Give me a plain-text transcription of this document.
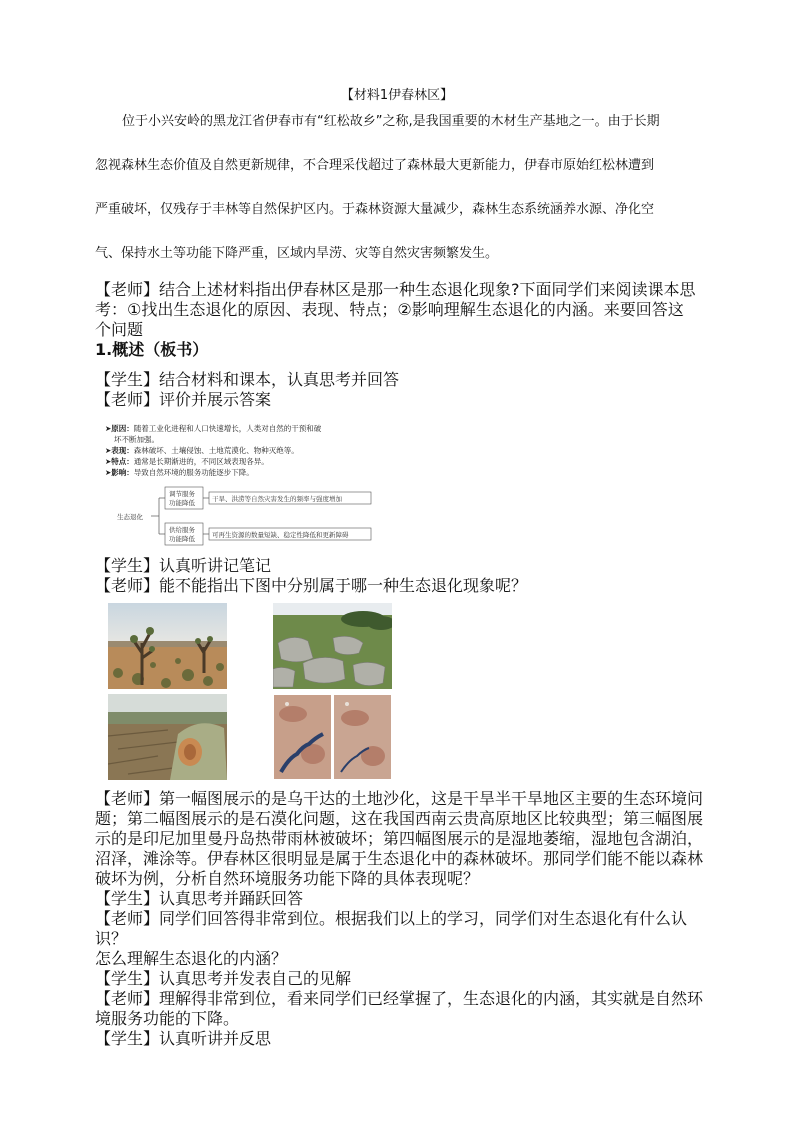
【材料1伊春林区】
位于小兴安岭的黑龙江省伊春市有“红松故乡”之称,是我国重要的木材生产基地之一。由于长期
忽视森林生态价值及自然更新规律，不合理采伐超过了森林最大更新能力，伊春市原始红松林遭到
严重破坏，仅残存于丰林等自然保护区内。于森林资源大量减少，森林生态系统涵养水源、净化空
气、保持水土等功能下降严重，区域内旱涝、灾等自然灾害频繁发生。

【老师】结合上述材料指出伊春林区是那一种生态退化现象?下面同学们来阅读课本思

考：①找出生态退化的原因、表现、特点；②影响理解生态退化的内涵。来要回答这

个问题

1.概述（板书）

【学生】结合材料和课本，认真思考并回答

【老师】评价并展示答案

➤原因：随着工业化进程和人口快速增长，人类对自然的干预和破
坏不断加强。
➤表现：森林破坏、土壤侵蚀、土地荒漠化、物种灭绝等。
➤特点：通常是长期渐进的，不同区域表现各异。
➤影响：导致自然环境的服务功能逐步下降。
生态退化
调节服务
功能降低	干旱、洪涝等自然灾害发生的频率与强度增加
供给服务
功能降低	可再生资源的数量短缺、稳定性降低和更新障碍

【学生】认真听讲记笔记

【老师】能不能指出下图中分别属于哪一种生态退化现象呢？

【老师】第一幅图展示的是乌干达的土地沙化，这是干旱半干旱地区主要的生态环境问

题；第二幅图展示的是石漠化问题，这在我国西南云贵高原地区比较典型；第三幅图展

示的是印尼加里曼丹岛热带雨林被破坏；第四幅图展示的是湿地萎缩，湿地包含湖泊，

沼泽，滩涂等。伊春林区很明显是属于生态退化中的森林破坏。那同学们能不能以森林

破坏为例，分析自然环境服务功能下降的具体表现呢？

【学生】认真思考并踊跃回答

【老师】同学们回答得非常到位。根据我们以上的学习，同学们对生态退化有什么认识？

怎么理解生态退化的内涵？

【学生】认真思考并发表自己的见解

【老师】理解得非常到位，看来同学们已经掌握了，生态退化的内涵，其实就是自然环

境服务功能的下降。

【学生】认真听讲并反思
